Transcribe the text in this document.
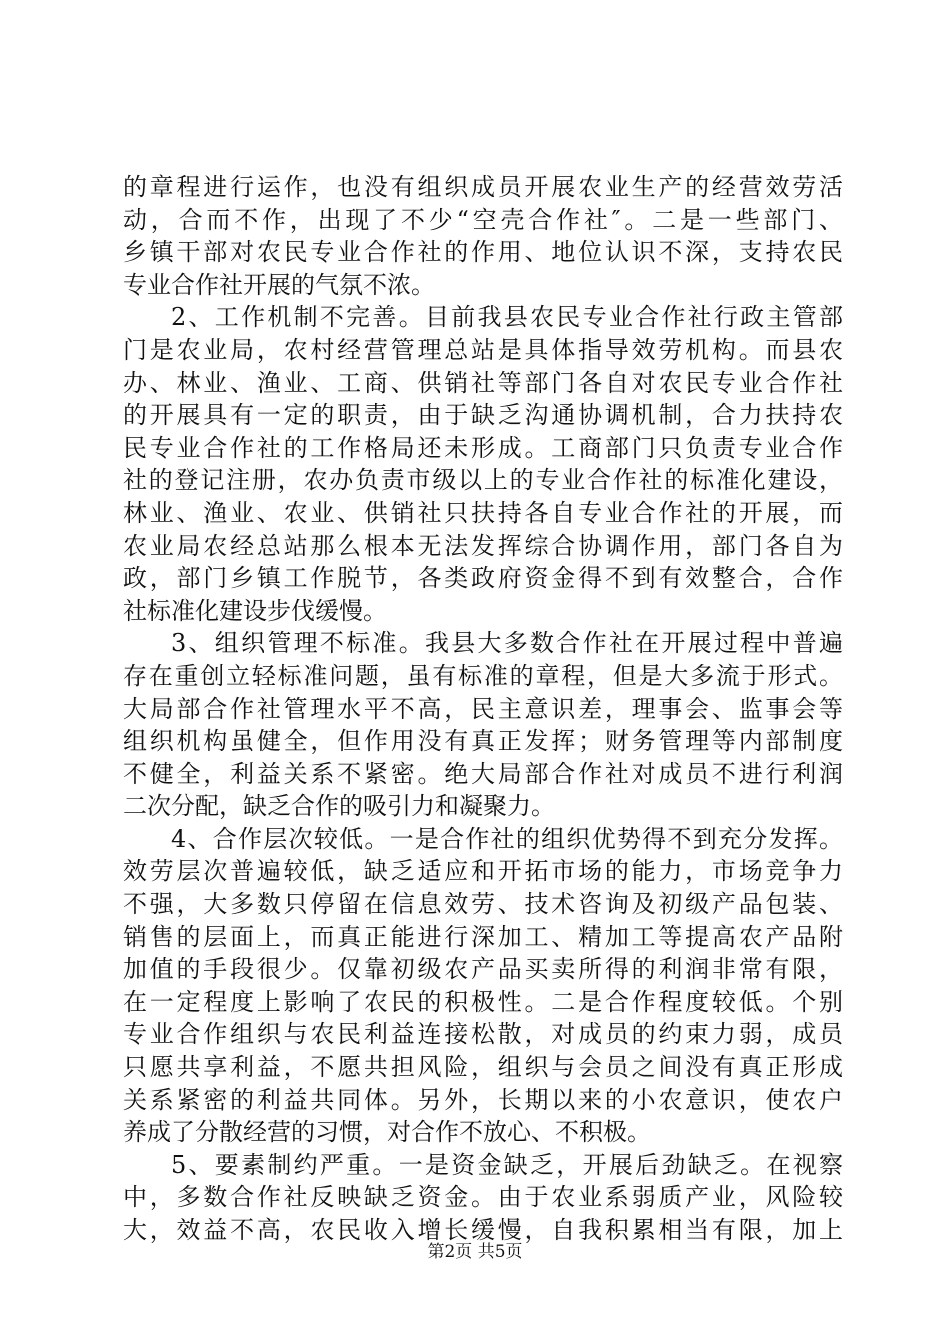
的章程进行运作，也没有组织成员开展农业生产的经营效劳活
动，合而不作，出现了不少“空壳合作社″。二是一些部门、
乡镇干部对农民专业合作社的作用、地位认识不深，支持农民
专业合作社开展的气氛不浓。
2、工作机制不完善。目前我县农民专业合作社行政主管部
门是农业局，农村经营管理总站是具体指导效劳机构。而县农
办、林业、渔业、工商、供销社等部门各自对农民专业合作社
的开展具有一定的职责，由于缺乏沟通协调机制，合力扶持农
民专业合作社的工作格局还未形成。工商部门只负责专业合作
社的登记注册，农办负责市级以上的专业合作社的标准化建设，
林业、渔业、农业、供销社只扶持各自专业合作社的开展，而
农业局农经总站那么根本无法发挥综合协调作用，部门各自为
政，部门乡镇工作脱节，各类政府资金得不到有效整合，合作
社标准化建设步伐缓慢。
3、组织管理不标准。我县大多数合作社在开展过程中普遍
存在重创立轻标准问题，虽有标准的章程，但是大多流于形式。
大局部合作社管理水平不高，民主意识差，理事会、监事会等
组织机构虽健全，但作用没有真正发挥；财务管理等内部制度
不健全，利益关系不紧密。绝大局部合作社对成员不进行利润
二次分配，缺乏合作的吸引力和凝聚力。
4、合作层次较低。一是合作社的组织优势得不到充分发挥。
效劳层次普遍较低，缺乏适应和开拓市场的能力，市场竞争力
不强，大多数只停留在信息效劳、技术咨询及初级产品包装、
销售的层面上，而真正能进行深加工、精加工等提高农产品附
加值的手段很少。仅靠初级农产品买卖所得的利润非常有限，
在一定程度上影响了农民的积极性。二是合作程度较低。个别
专业合作组织与农民利益连接松散，对成员的约束力弱，成员
只愿共享利益，不愿共担风险，组织与会员之间没有真正形成
关系紧密的利益共同体。另外，长期以来的小农意识，使农户
养成了分散经营的习惯，对合作不放心、不积极。
5、要素制约严重。一是资金缺乏，开展后劲缺乏。在视察
中，多数合作社反映缺乏资金。由于农业系弱质产业，风险较
大，效益不高，农民收入增长缓慢，自我积累相当有限，加上
第2页 共5页
